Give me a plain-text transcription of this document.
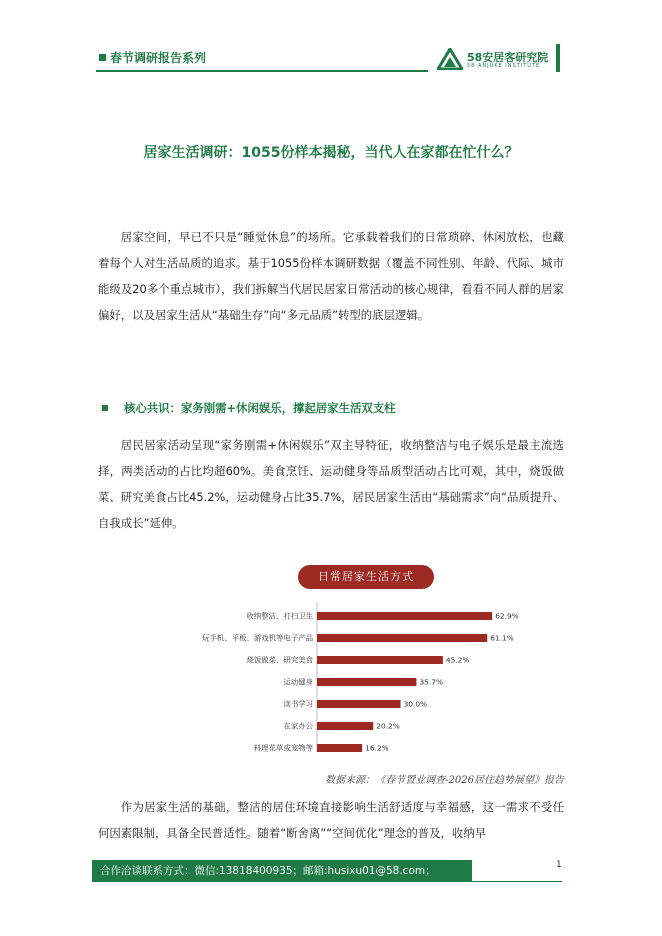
春节调研报告系列	58安居客研究院
58·ANJUKE INSTITUTE
居家生活调研：1055份样本揭秘，当代人在家都在忙什么？

居家空间，早已不只是“睡觉休息”的场所。它承载着我们的日常琐碎、休闲放松，也藏着每个人对生活品质的追求。基于1055份样本调研数据（覆盖不同性别、年龄、代际、城市能级及20多个重点城市），我们拆解当代居民居家日常活动的核心规律，看看不同人群的居家偏好，以及居家生活从“基础生存”向“多元品质”转型的底层逻辑。

核心共识：家务刚需+休闲娱乐，撑起居家生活双支柱

居民居家活动呈现“家务刚需+休闲娱乐”双主导特征，收纳整洁与电子娱乐是最主流选择，两类活动的占比均超60%。美食烹饪、运动健身等品质型活动占比可观，其中，烧饭做菜、研究美食占比45.2%，运动健身占比35.7%，居民居家生活由“基础需求”向“品质提升、自我成长”延伸。

日常居家生活方式
收纳整洁、打扫卫生	62.9%
玩手机、平板、游戏机等电子产品	61.1%
烧饭做菜、研究美食	45.2%
运动健身	35.7%
读书学习	30.0%
在家办公	20.2%
料理花草或宠物等	16.2%
数据来源：《春节置业调查-2026居住趋势展望》报告

作为居家生活的基础，整洁的居住环境直接影响生活舒适度与幸福感，这一需求不受任何因素限制，具备全民普适性。随着“断舍离”“空间优化”理念的普及，收纳早

合作洽谈联系方式：微信:13818400935；邮箱:husixu01@58.com；	1
